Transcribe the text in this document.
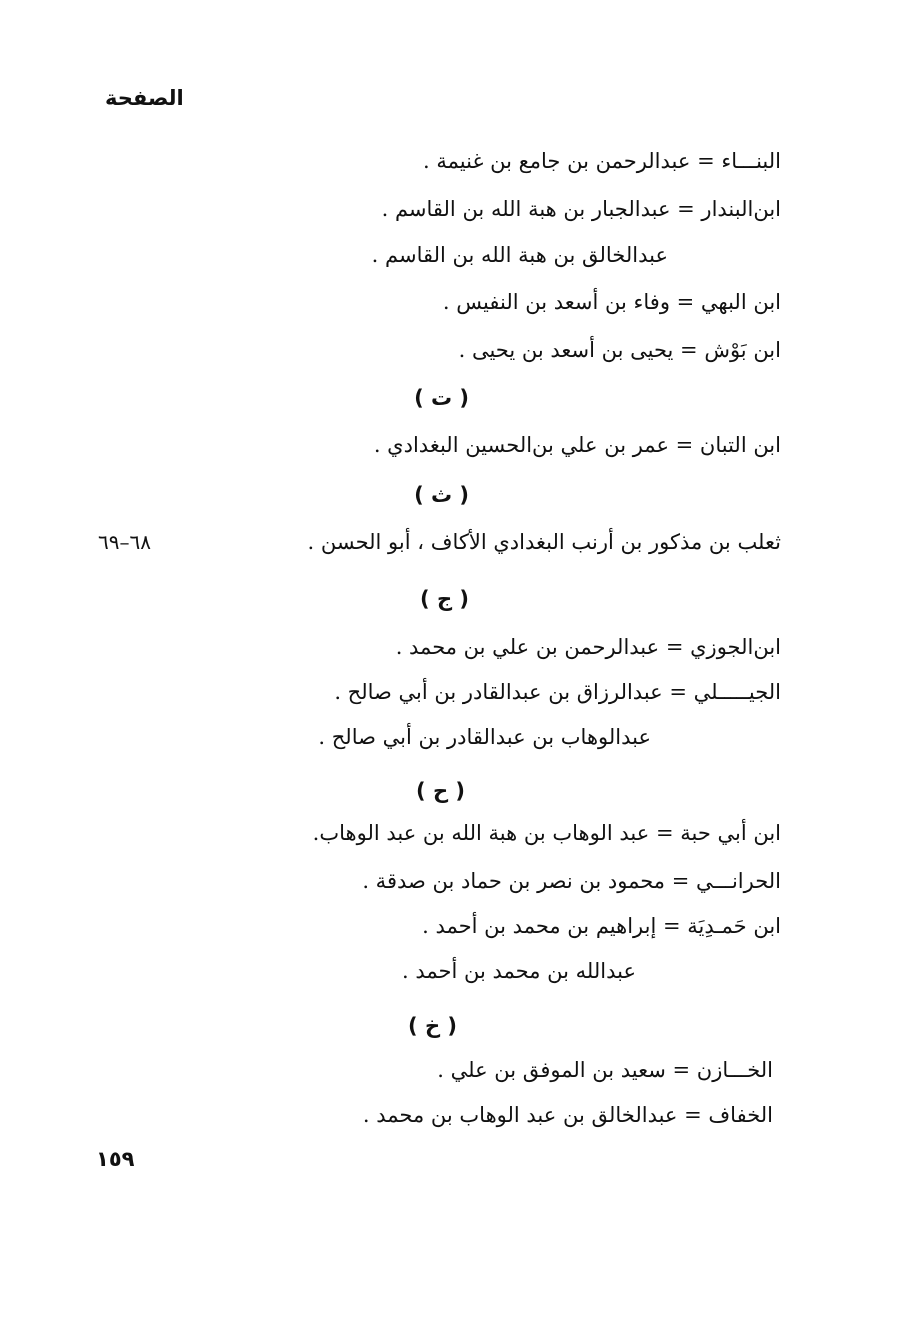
الصفحة
البنـــاء = عبدالرحمن بن جامع بن غنيمة .
ابن‌البندار = عبدالجبار بن هبة الله بن القاسم .
عبدالخالق بن هبة الله بن القاسم .
ابن البهي = وفاء بن أسعد بن النفيس .
ابن بَوْش = يحيى بن أسعد بن يحيى .
( ت )
ابن التبان = عمر بن علي بن‌الحسين البغدادي .
( ث )
٦٨–٦٩	ثعلب بن مذكور بن أرنب البغدادي الأكاف ، أبو الحسن .
( ج )
ابن‌الجوزي = عبدالرحمن بن علي بن محمد .
الجيـــــلي = عبدالرزاق بن عبدالقادر بن أبي صالح .
عبدالوهاب بن عبدالقادر بن أبي صالح .
( ح )
ابن أبي حبة = عبد الوهاب بن هبة الله بن عبد الوهاب.
الحرانـــي = محمود بن نصر بن حماد بن صدقة .
ابن حَمـدِيَة = إبراهيم بن محمد بن أحمد .
عبدالله بن محمد بن أحمد .
( خ )
الخـــازن = سعيد بن الموفق بن علي .
الخفاف = عبدالخالق بن عبد الوهاب بن محمد .
١٥٩
